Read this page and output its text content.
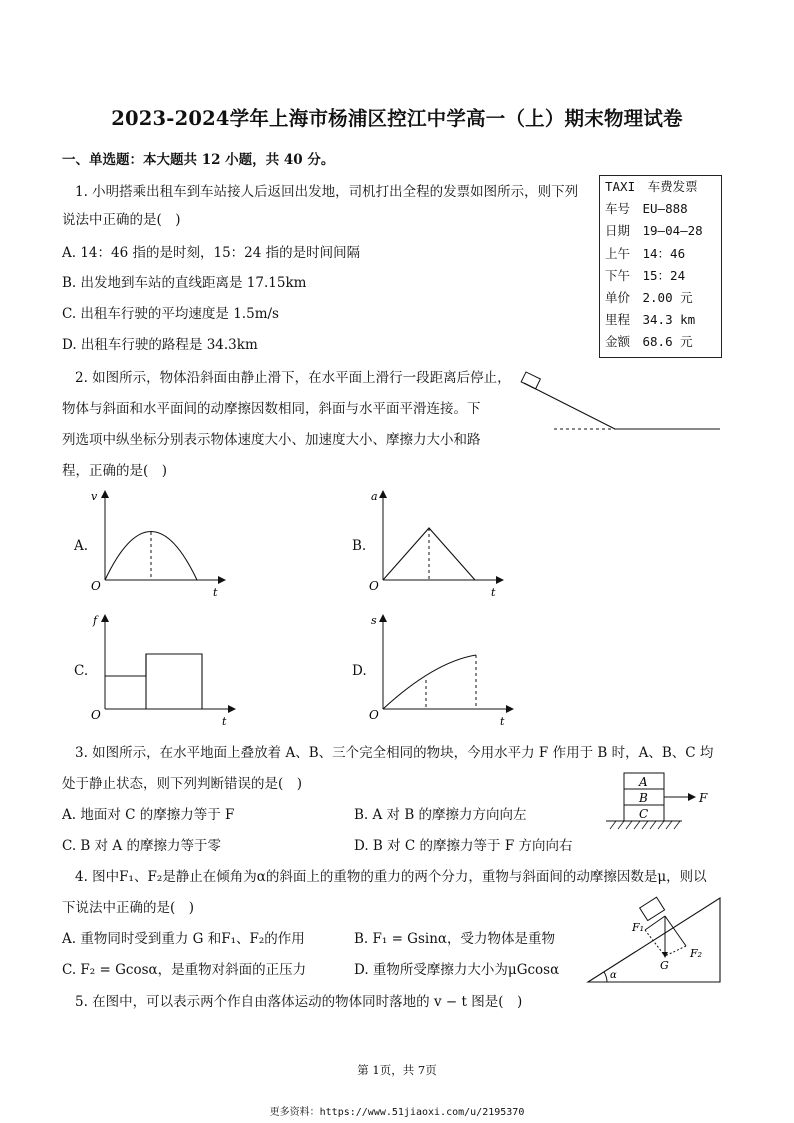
2023-2024学年上海市杨浦区控江中学高一（上）期末物理试卷
一、单选题：本大题共 12 小题，共 40 分。
1. 小明搭乘出租车到车站接人后返回出发地，司机打出全程的发票如图所示，则下列
说法中正确的是(　)
A. 14：46 指的是时刻，15：24 指的是时间间隔
B. 出发地到车站的直线距离是 17.15km
C. 出租车行驶的平均速度是 1.5m/s
D. 出租车行驶的路程是 34.3km
TAXI　车费发票
车号　EU—888
日期　19—04—28
上午　14：46
下午　15：24
单价　2.00 元
里程　34.3 km
金额　68.6 元
2. 如图所示，物体沿斜面由静止滑下，在水平面上滑行一段距离后停止，
物体与斜面和水平面间的动摩擦因数相同，斜面与水平面平滑连接。下
列选项中纵坐标分别表示物体速度大小、加速度大小、摩擦力大小和路
程，正确的是(　)
A.	B.
C.	D.
v
O	t
a
O	t
f
O	t
s
O	t
3. 如图所示，在水平地面上叠放着 A、B、三个完全相同的物块，今用水平力 F 作用于 B 时，A、B、C 均
处于静止状态，则下列判断错误的是(　)
A. 地面对 C 的摩擦力等于 F	B. A 对 B 的摩擦力方向向左
C. B 对 A 的摩擦力等于零	D. B 对 C 的摩擦力等于 F 方向向右
A
B
C
F
4. 图中F₁、F₂是静止在倾角为α的斜面上的重物的重力的两个分力，重物与斜面间的动摩擦因数是μ，则以
下说法中正确的是(　)
A. 重物同时受到重力 G 和F₁、F₂的作用	B. F₁ = Gsinα，受力物体是重物
C. F₂ = Gcosα，是重物对斜面的正压力	D. 重物所受摩擦力大小为μGcosα	α
F₁
F₂
G
5. 在图中，可以表示两个作自由落体运动的物体同时落地的 v − t 图是(　)
第 1页，共 7页
更多资料：https://www.51jiaoxi.com/u/2195370
